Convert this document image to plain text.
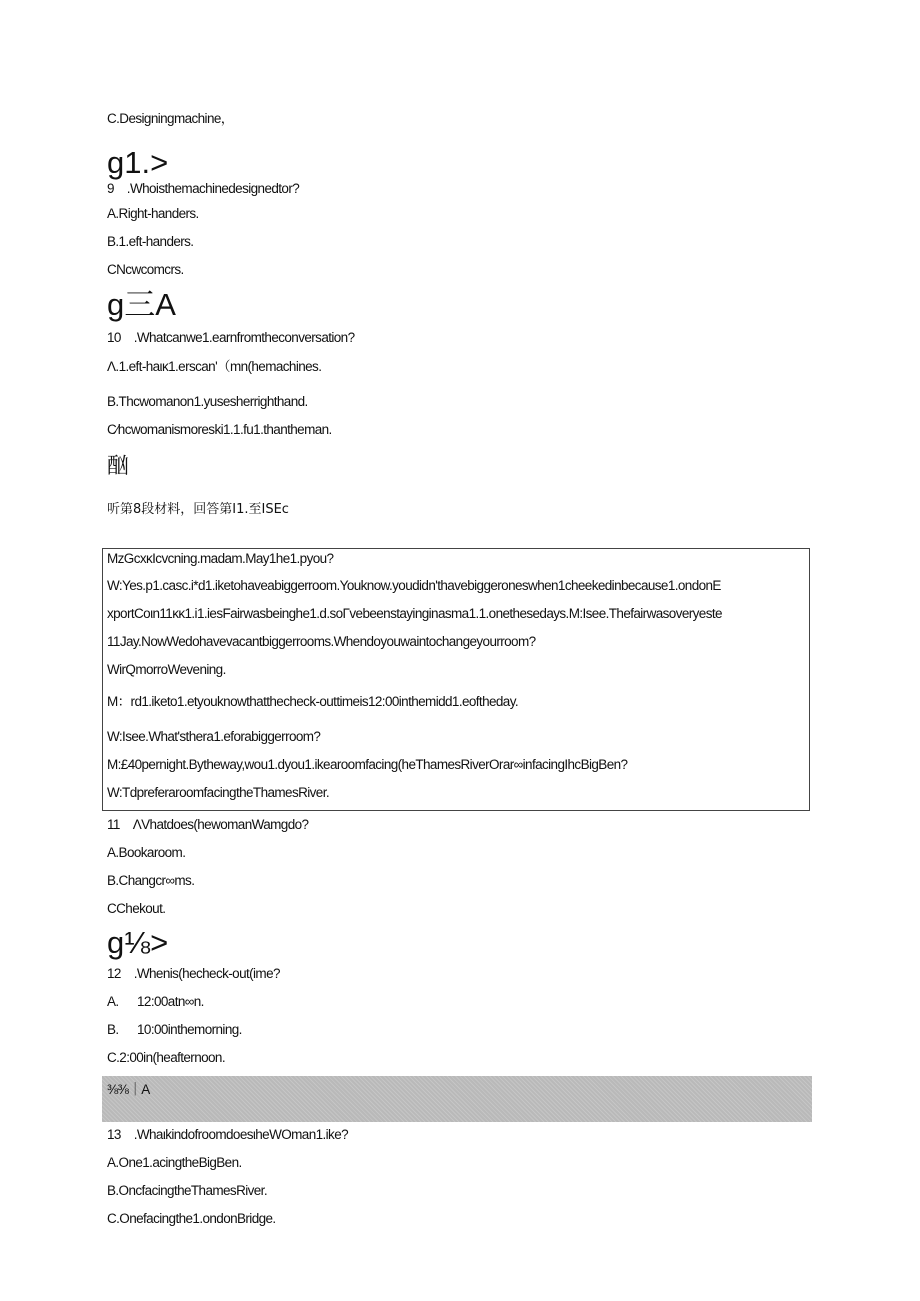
C.Designingmachine，
g1.>
9　.Whoisthemachinedesignedtor?
A.Right-handers.
B.1.eft-handers.
CNcwcomcrs.
g三A
10　.Whatcanwe1.earnfromtheconversation?
Λ.1.eft-haικ1.erscan'（mn(hemachines.
B.Thcwomanon1.yusesherrighthand.
C∕hcwomanismoreski1.1.fu1.thantheman.
酗
听第8段材料，回答第I1.至ISEc
MzGcxκIcvcning.madam.May1he1.pyou?
W:Yes.p1.casc.i*d1.iketohaveabiggerroom.Youknow.youdidn'thavebiggeroneswhen1cheekedinbecause1.ondonE
xportCoιn11κκ1.i1.iesFairwasbeinghe1.d.soΓvebeenstayinginasma1.1.onethesedays.M:Isee.Thefairwasoveryeste
11Jay.NowWedohavevacantbiggerrooms.Whendoyouwaintochangeyourroom?
WirQmorroWevening.
M：rd1.iketo1.etyouknowthatthecheck-outtimeis12:00inthemidd1.eoftheday.
W:Isee.What'sthera1.eforabiggerroom?
M:£40pernight.Bytheway,wou1.dyou1.ikearoomfacing(heThamesRiverOrar∞infacingIhcBigBen?
W:TdpreferaroomfacingtheThamesRiver.
11　ΛVhatdoes(hewomanWamgdo?
A.Bookaroom.
B.Changcr∞ms.
CChekout.
g⅛>
12　.Whenis(hecheck-out(ime?
A. 12:00atn∞n.
B. 10:00inthemorning.
C.2:00in(heafternoon.
⅜⅜｜A
13　.WhaιkindofroomdoesιheWOman1.ike?
A.One1.acingtheBigBen.
B.OncfacingtheThamesRiver.
C.Onefacingthe1.ondonBridge.
